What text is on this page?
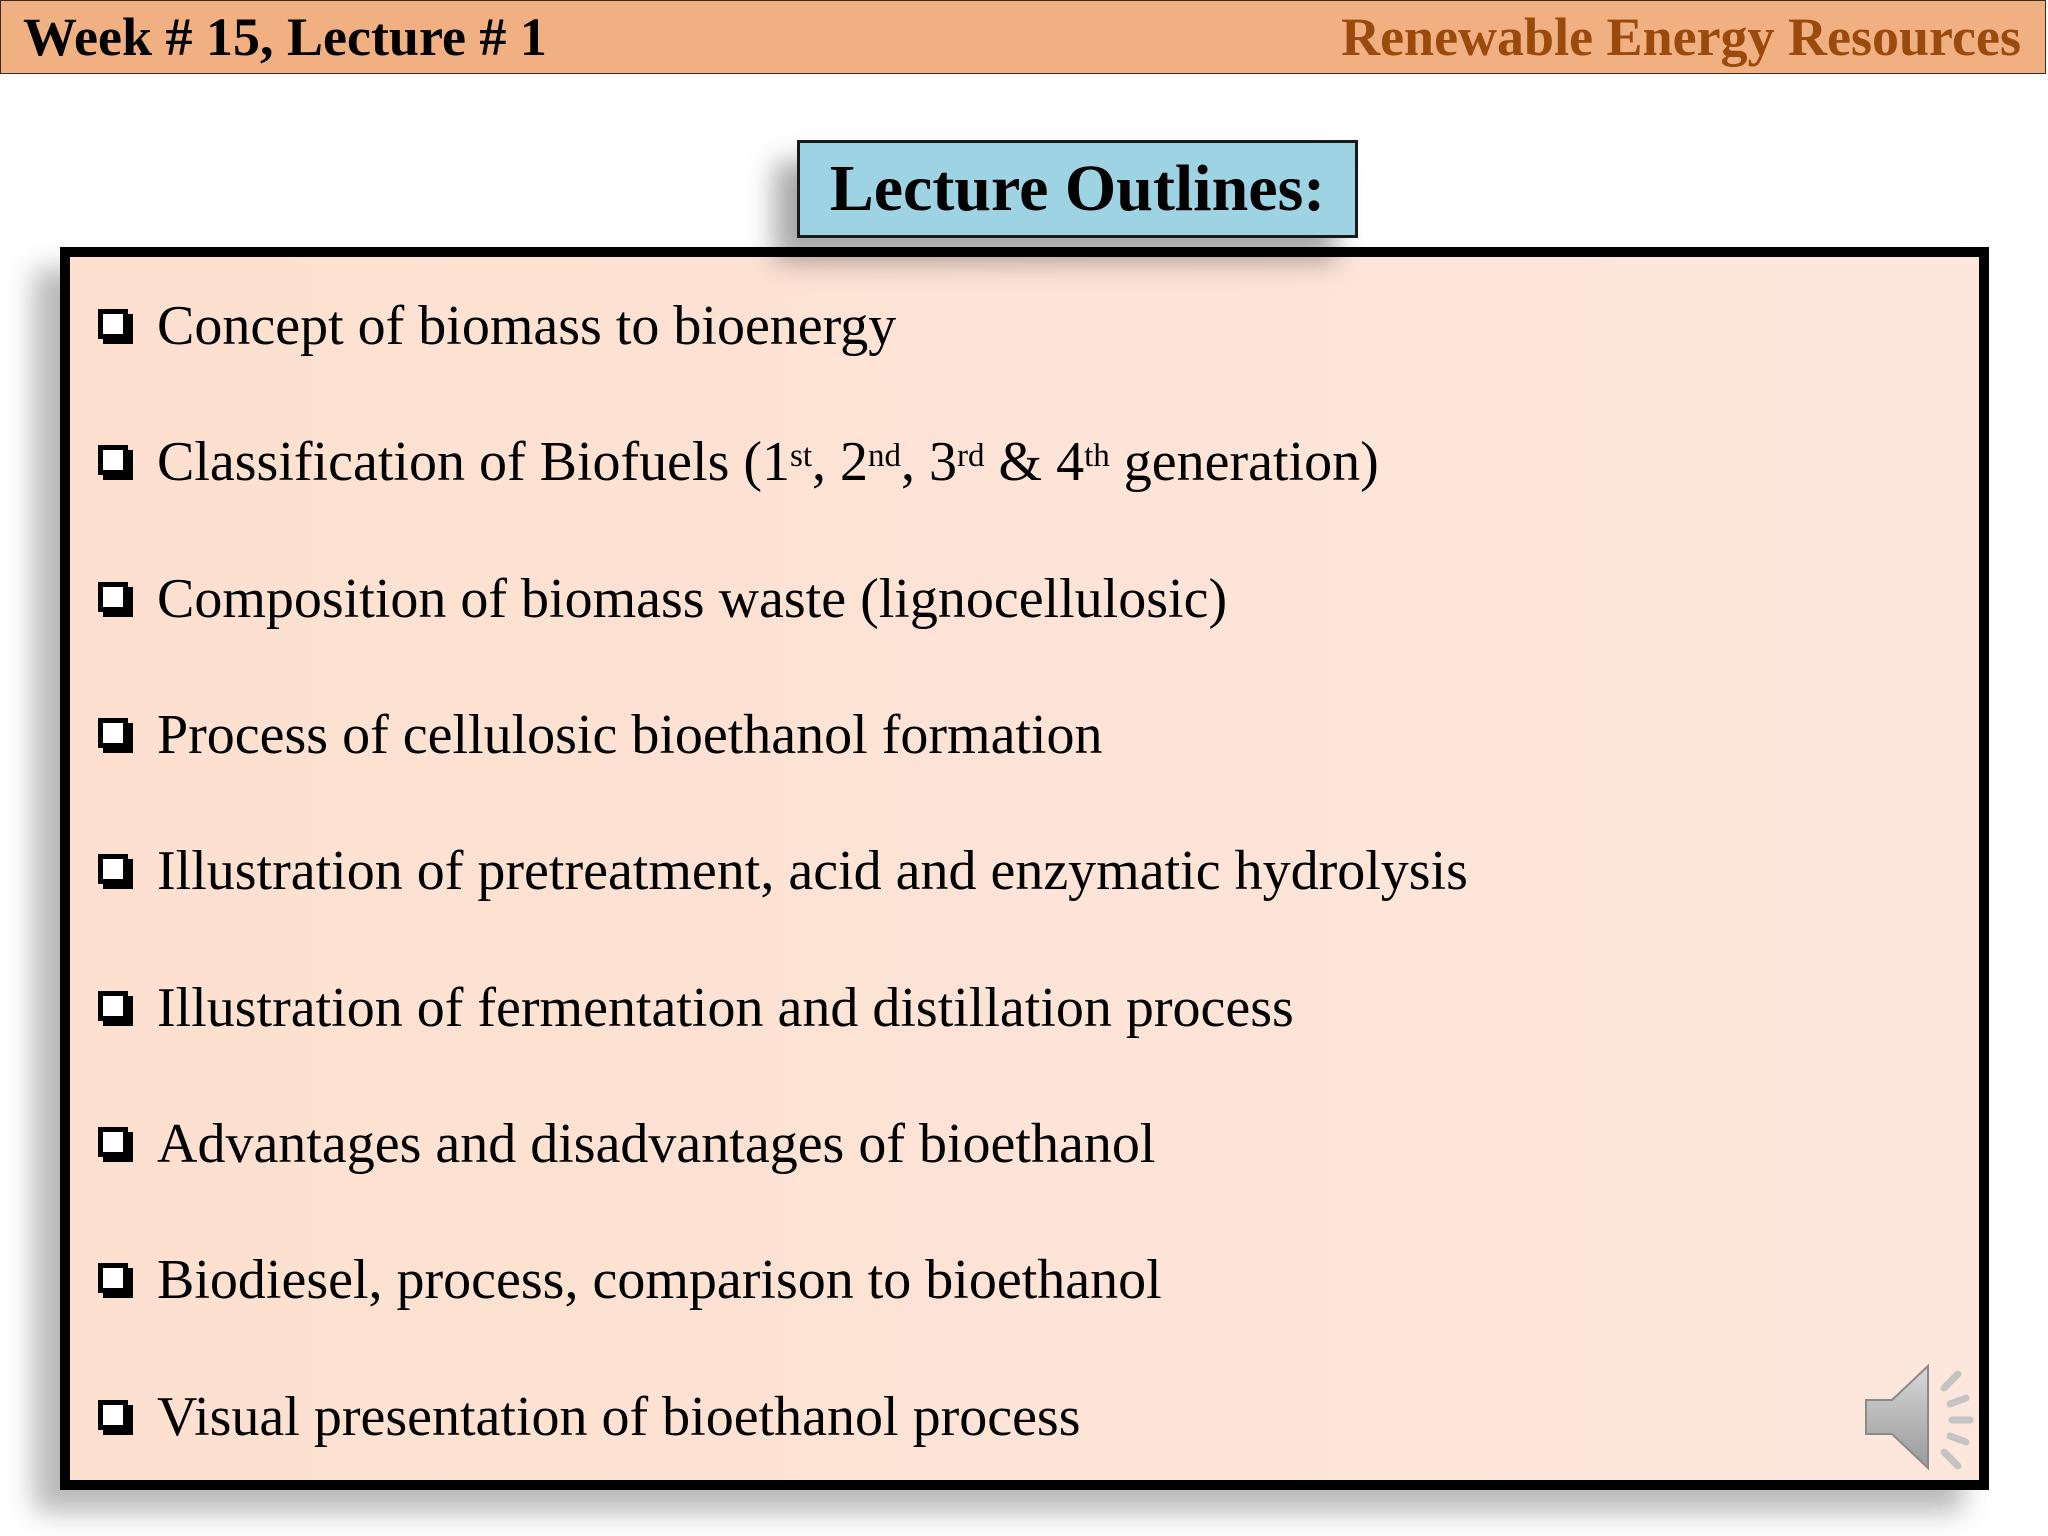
Week # 15, Lecture # 1	Renewable Energy Resources
Lecture Outlines:
Concept of biomass to bioenergy
Classification of Biofuels (1st, 2nd, 3rd & 4th generation)
Composition of biomass waste (lignocellulosic)
Process of cellulosic bioethanol formation
Illustration of pretreatment, acid and enzymatic hydrolysis
Illustration of fermentation and distillation process
Advantages and disadvantages of bioethanol
Biodiesel, process, comparison to bioethanol
Visual presentation of bioethanol process
